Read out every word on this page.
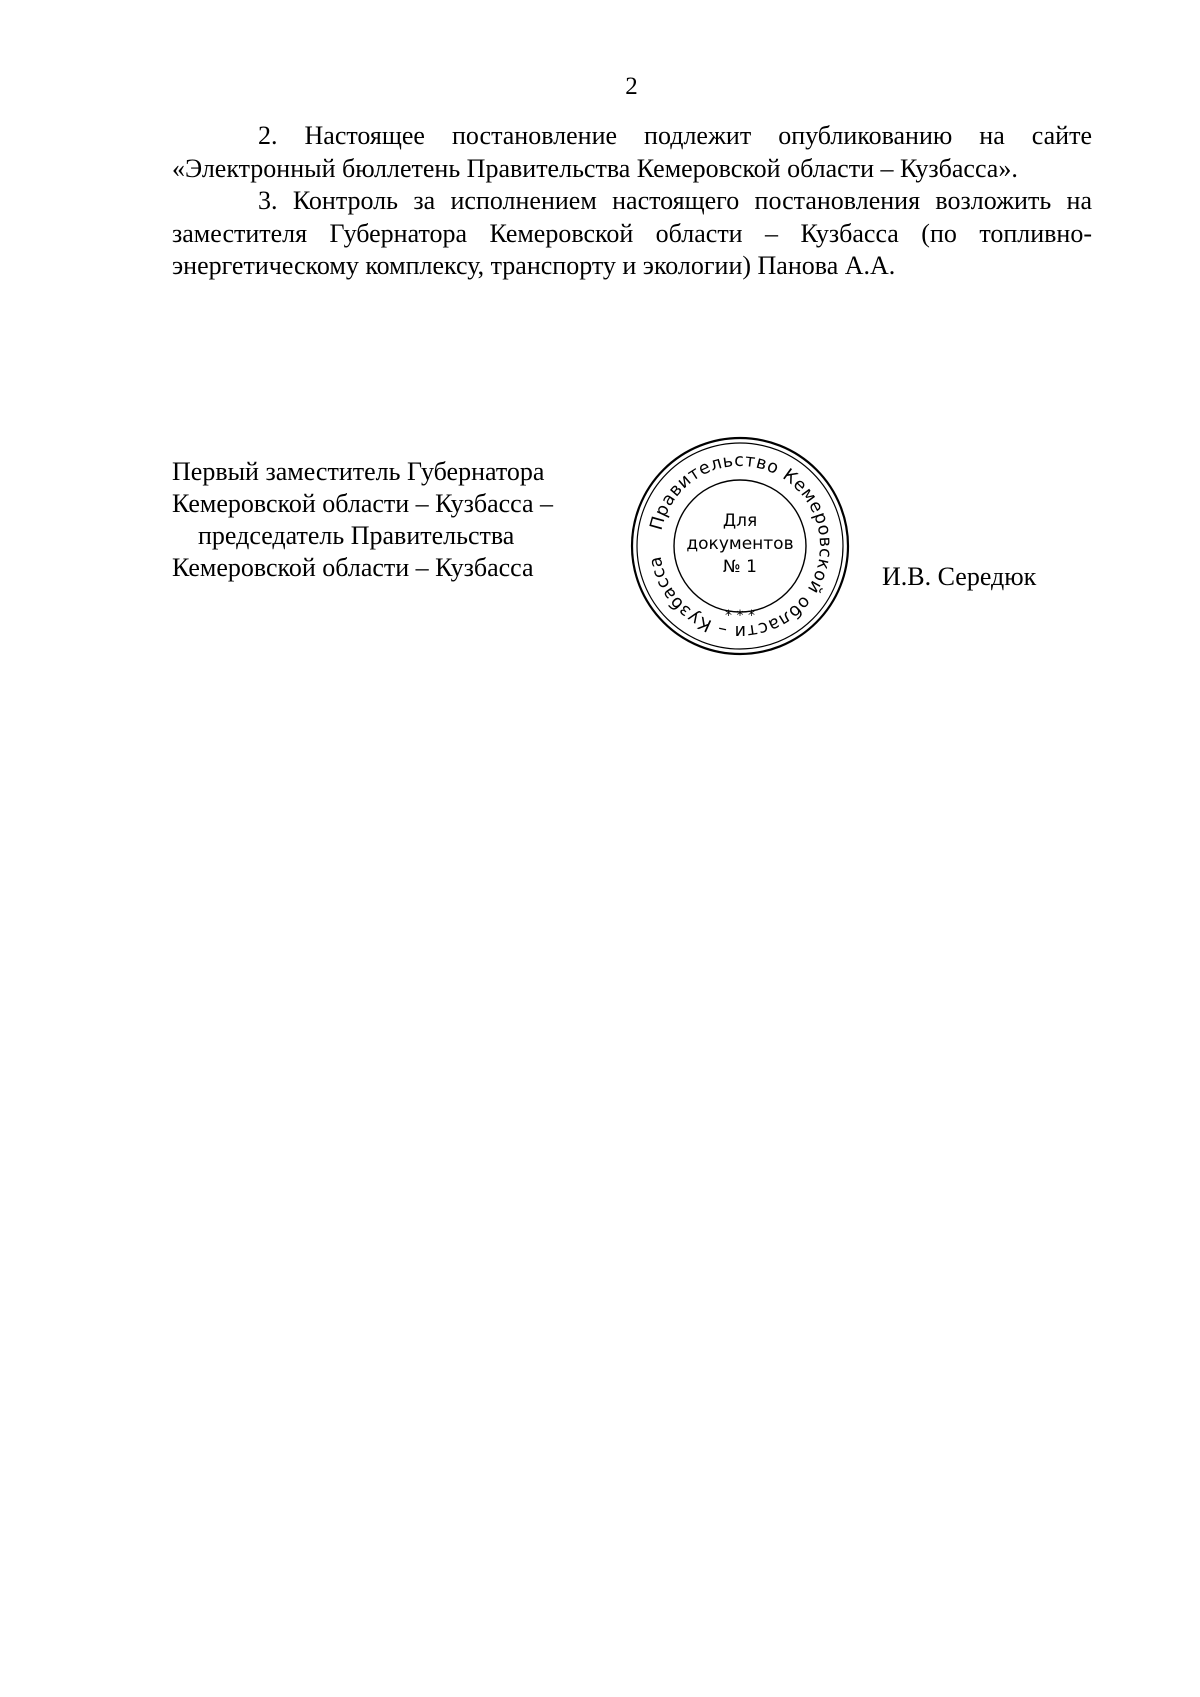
2

2. Настоящее постановление подлежит опубликованию на сайте «Электронный бюллетень Правительства Кемеровской области – Кузбасса».

3. Контроль за исполнением настоящего постановления возложить на заместителя Губернатора Кемеровской области – Кузбасса (по топливно-энергетическому комплексу, транспорту и экологии) Панова А.А.

Первый заместитель Губернатора
Кемеровской области – Кузбасса –
председатель Правительства
Кемеровской области – Кузбасса
Правительство Кемеровской области – Кузбасса
* * *
Для
документов
№ 1	И.В. Середюк
